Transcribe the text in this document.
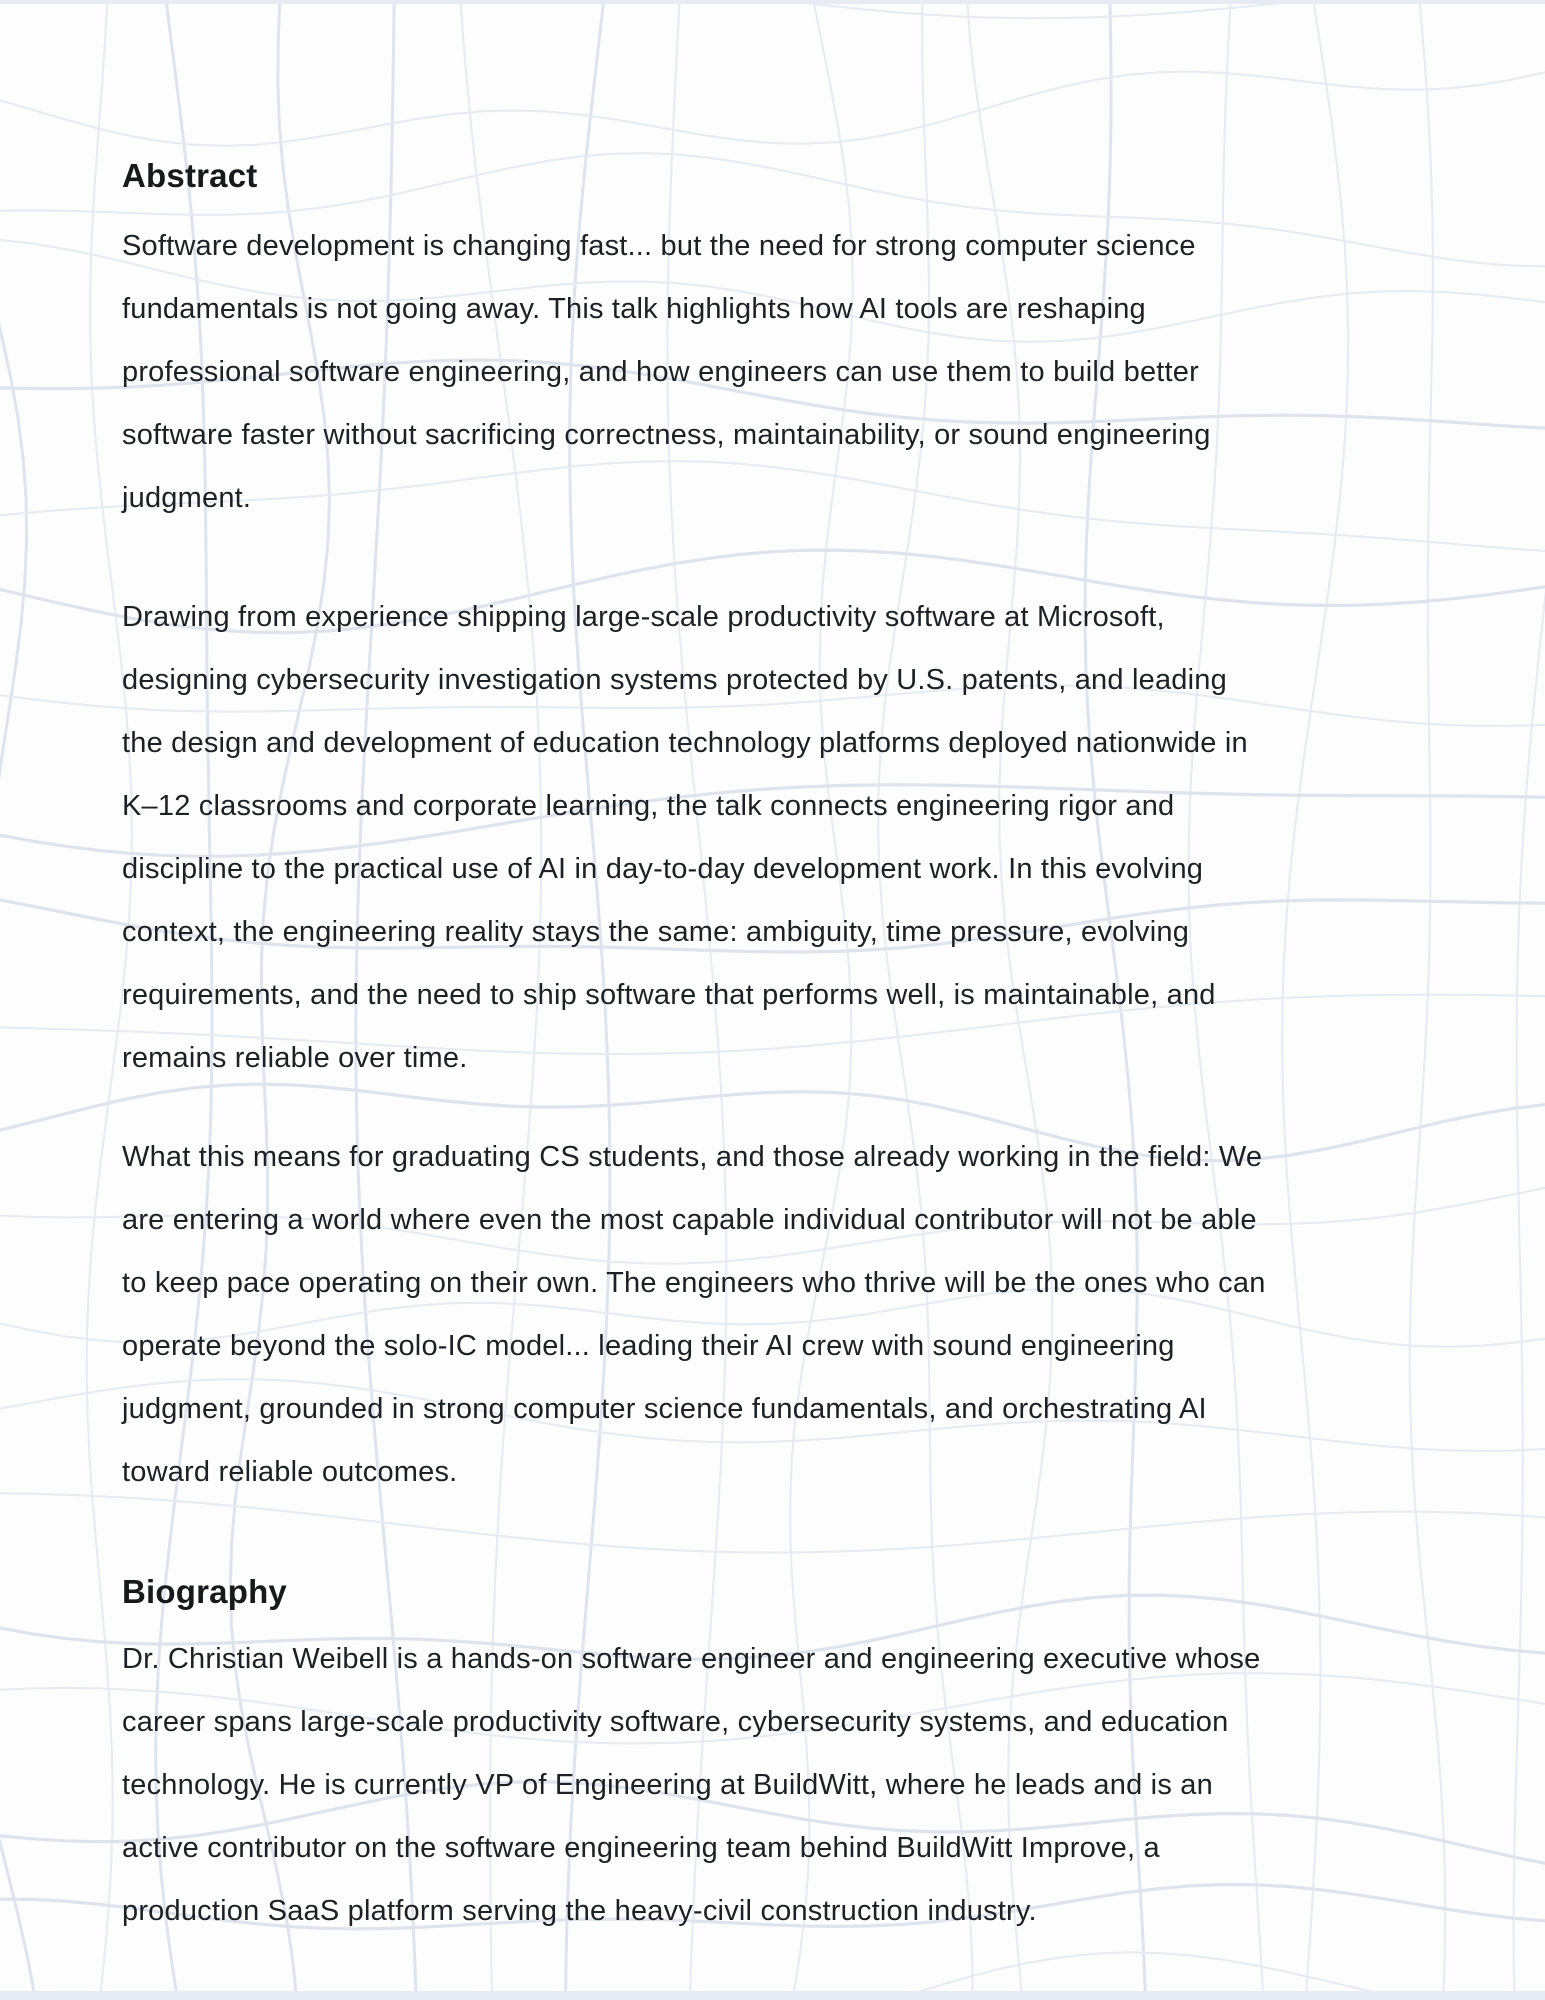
Abstract
Software development is changing fast... but the need for strong computer science
fundamentals is not going away. This talk highlights how AI tools are reshaping
professional software engineering, and how engineers can use them to build better
software faster without sacrificing correctness, maintainability, or sound engineering
judgment.
Drawing from experience shipping large-scale productivity software at Microsoft,
designing cybersecurity investigation systems protected by U.S. patents, and leading
the design and development of education technology platforms deployed nationwide in
K–12 classrooms and corporate learning, the talk connects engineering rigor and
discipline to the practical use of AI in day-to-day development work. In this evolving
context, the engineering reality stays the same: ambiguity, time pressure, evolving
requirements, and the need to ship software that performs well, is maintainable, and
remains reliable over time.
What this means for graduating CS students, and those already working in the field: We
are entering a world where even the most capable individual contributor will not be able
to keep pace operating on their own. The engineers who thrive will be the ones who can
operate beyond the solo-IC model... leading their AI crew with sound engineering
judgment, grounded in strong computer science fundamentals, and orchestrating AI
toward reliable outcomes.
Biography
Dr. Christian Weibell is a hands-on software engineer and engineering executive whose
career spans large-scale productivity software, cybersecurity systems, and education
technology. He is currently VP of Engineering at BuildWitt, where he leads and is an
active contributor on the software engineering team behind BuildWitt Improve, a
production SaaS platform serving the heavy-civil construction industry.
